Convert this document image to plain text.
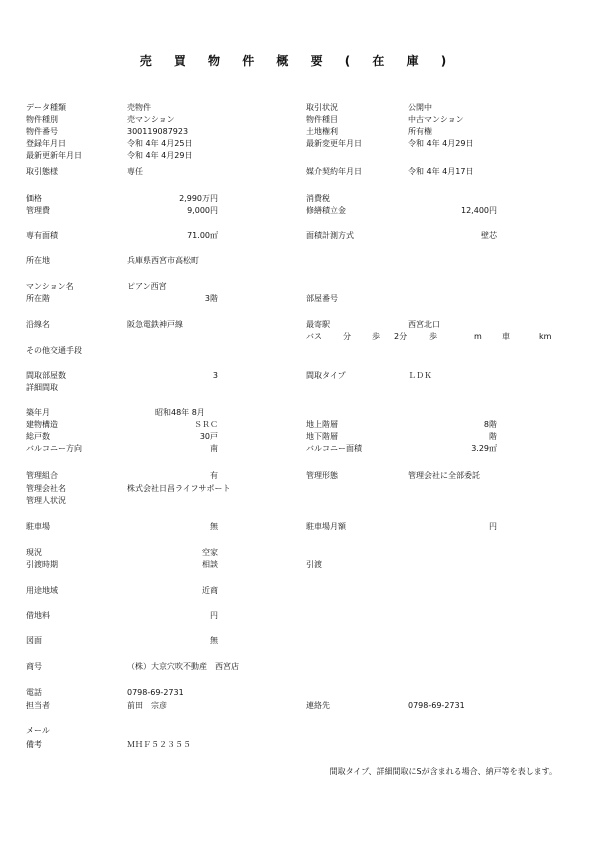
売 買 物 件 概 要 ( 在 庫 )
データ種類	売物件	取引状況	公開中
物件種別	売マンション	物件種目	中古マンション
物件番号	300119087923	土地権利	所有権
登録年月日	令和 4年 4月25日	最新変更年月日	令和 4年 4月29日
最新更新年月日	令和 4年 4月29日
取引態様	専任	媒介契約年月日	令和 4年 4月17日
価格	2,990万円	消費税
管理費	9,000円	修繕積立金	12,400円
専有面積	71.00㎡	面積計測方式	壁芯
所在地	兵庫県西宮市高松町
マンション名	ピアン西宮
所在階	3階	部屋番号
沿線名	阪急電鉄神戸線	最寄駅	西宮北口
バス	分	歩 2分	歩	m	車	km
その他交通手段
間取部屋数	3	間取タイプ	ＬＤＫ
詳細間取
築年月	昭和48年 8月
建物構造	ＳＲＣ	地上階層	8階
総戸数	30戸	地下階層	階
バルコニー方向	南	バルコニー面積	3.29㎡
管理組合	有	管理形態	管理会社に全部委託
管理会社名	株式会社日昌ライフサポート
管理人状況
駐車場	無	駐車場月額	円
現況	空家
引渡時期	相談	引渡
用途地域	近商
借地料	円
図面	無
商号	（株）大京穴吹不動産　西宮店
電話	0798-69-2731
担当者	前田　宗彦	連絡先	0798-69-2731
メール
備考	ＭＨＦ５２３５５
間取タイプ、詳細間取にSが含まれる場合、納戸等を表します。
